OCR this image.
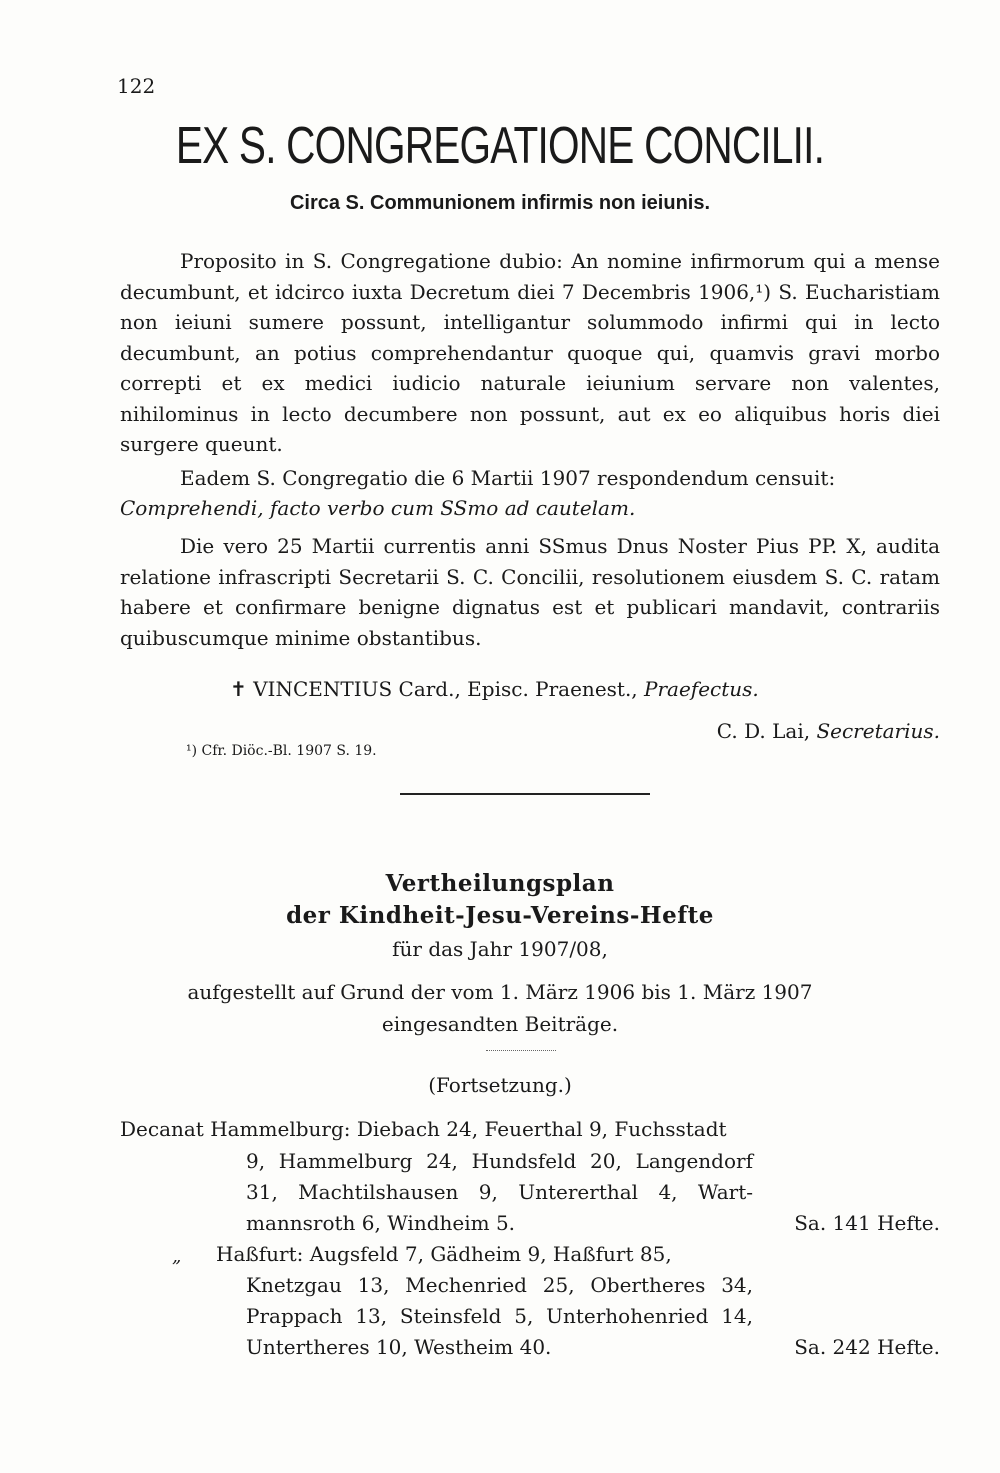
122
EX S. CONGREGATIONE CONCILII.
Circa S. Communionem infirmis non ieiunis.
Proposito in S. Congregatione dubio: An nomine infirmorum qui a mense decumbunt, et idcirco iuxta Decretum diei 7 Decembris 1906,¹) S. Eucharistiam non ieiuni sumere possunt, intelligantur solummodo infirmi qui in lecto decumbunt, an potius comprehendantur quoque qui, quamvis gravi morbo correpti et ex medici iudicio naturale ieiunium servare non valentes, nihilominus in lecto decumbere non possunt, aut ex eo aliquibus horis diei surgere queunt.
Eadem S. Congregatio die 6 Martii 1907 respondendum censuit:
Comprehendi, facto verbo cum SSmo ad cautelam.
Die vero 25 Martii currentis anni SSmus Dnus Noster Pius PP. X, audita relatione infrascripti Secretarii S. C. Concilii, resolutionem eiusdem S. C. ratam habere et confirmare benigne dignatus est et publicari mandavit, contrariis quibuscumque minime obstantibus.
✝ VINCENTIUS Card., Episc. Praenest., Praefectus.
C. D. Lai, Secretarius.
¹) Cfr. Diöc.-Bl. 1907 S. 19.
Vertheilungsplan
der Kindheit-Jesu-Vereins-Hefte
für das Jahr 1907/08,
aufgestellt auf Grund der vom 1. März 1906 bis 1. März 1907
eingesandten Beiträge.
(Fortsetzung.)
Decanat Hammelburg: Diebach 24, Feuerthal 9, Fuchsstadt
9, Hammelburg 24, Hundsfeld 20, Langendorf
31, Machtilshausen 9, Untererthal 4, Wart-
mannsroth 6, Windheim 5.	Sa. 141 Hefte.
„ Haßfurt: Augsfeld 7, Gädheim 9, Haßfurt 85,
Knetzgau 13, Mechenried 25, Obertheres 34,
Prappach 13, Steinsfeld 5, Unterhohenried 14,
Untertheres 10, Westheim 40.	Sa. 242 Hefte.
